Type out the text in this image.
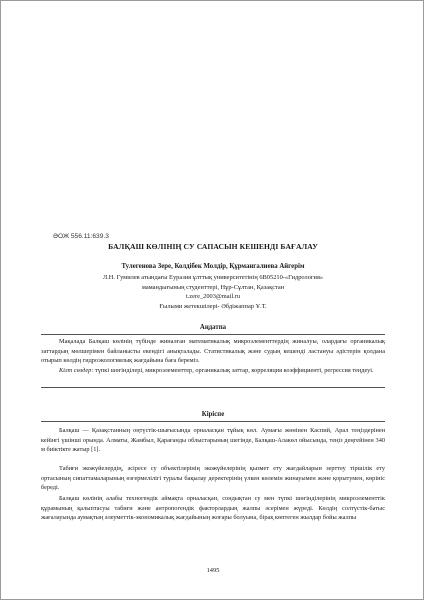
ӘОЖ 556.11:639.3
БАЛҚАШ КӨЛІНІҢ СУ САПАСЫН КЕШЕНДІ БАҒАЛАУ
Тулегенова Зере, Колдібек Молдір, Құрмангалиева Айгерім
Л.Н. Гумилев атындағы Еуразия ұлттық университетінің 6В05210-«Гидрология»
мамандығының студенттері, Нұр-Сұлтан, Қазақстан
t.zere_2003@mail.ru
Ғылыми жетекшілері- Әбдіжаппар Ұ.Т.
Аңдатпа
Мақалада Балқаш көлінің түбінде жиналған математикалық микроэлементтердің жиналуы, олардағы органикалық заттардың мөлшерімен байланысты екендігі анықталады. Статистикалық және судың кешенді ластануы әдістерін қолдана отырып көлдің гидроэкологиялық жағдайына баға береміз.
Кілт сөздер: түпкі шөгінділері, микроэлементтер, органикалық заттар, корреляция коэффициенті, регрессия теңдеуі.
Кіріспе
Балқаш — Қазақстанның оңтүстік-шығысында орналасқан тұйық көл. Аумағы жөнінен Каспий, Арал теңіздерінен кейінгі үшінші орында. Алматы, Жамбыл, Қарағанды облыстарының шегінде, Балқаш-Алакөл ойысында, теңіз деңгейінен 340 м биіктікте жатыр [1].
Табиғи экожүйелердің, әсіресе су объектілерінің экожүйелерінің қызмет ету жағдайларын зерттеу тіршілік ету ортасының сипаттамаларының өзгермелілігі туралы бақылау деректерінің үлкен көлемін жинауымен және қорытумен, көрініс береді.
Балқаш көлінің алабы техногендік аймақта орналасқан, сондықтан су мен түпкі шөгінділерінің микроэлементтік құрамының қалыптасуы табиғи және антропогендік факторлардың жалпы әсерімен жүреді. Көлдің солтүстік-батыс жағалауында аумақтың әлеуметтік-экономикалық жағдайының жоғары болуына, бірақ көптеген жылдар бойы жалпы
1495
